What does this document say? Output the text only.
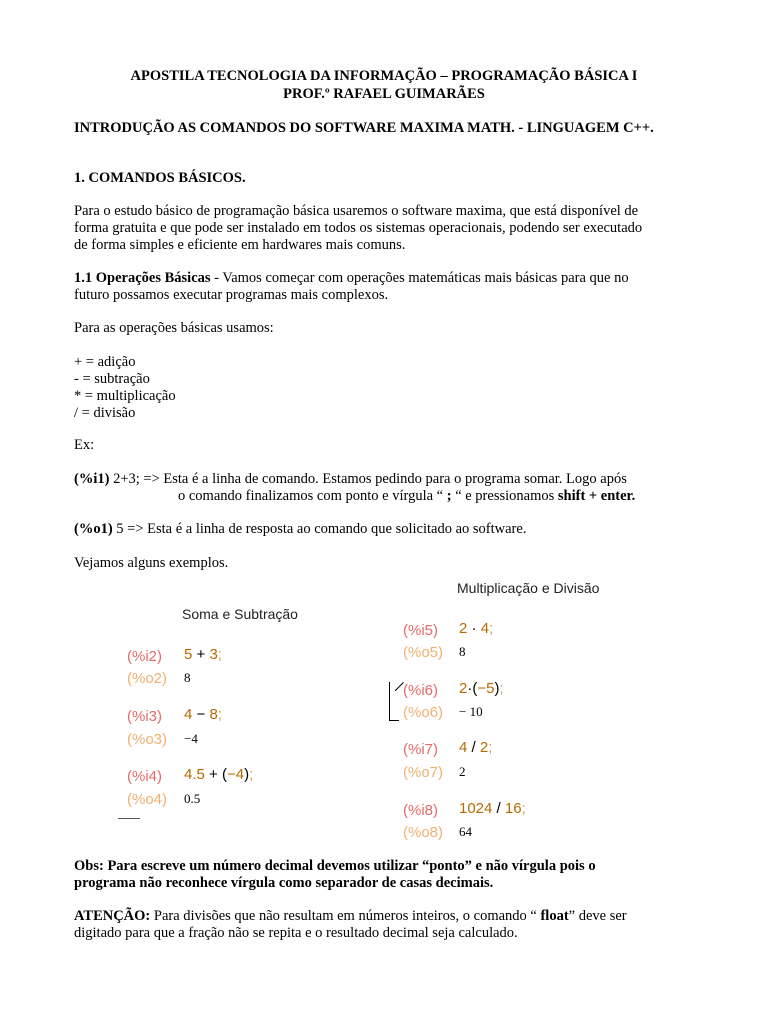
APOSTILA TECNOLOGIA DA INFORMAÇÃO – PROGRAMAÇÃO BÁSICA I
PROF.º RAFAEL GUIMARÃES
INTRODUÇÃO AS COMANDOS DO SOFTWARE MAXIMA MATH. - LINGUAGEM C++.
1. COMANDOS BÁSICOS.
Para o estudo básico de programação básica usaremos o software maxima, que está disponível de
forma gratuita e que pode ser instalado em todos os sistemas operacionais, podendo ser executado
de forma simples e eficiente em hardwares mais comuns.
1.1 Operações Básicas - Vamos começar com operações matemáticas mais básicas para que no
futuro possamos executar programas mais complexos.
Para as operações básicas usamos:
+ = adição
- = subtração
* = multiplicação
/ = divisão
Ex:
(%i1) 2+3; => Esta é a linha de comando. Estamos pedindo para o programa somar. Logo após
o comando finalizamos com ponto e vírgula “ ; “ e pressionamos shift + enter.
(%o1) 5 => Esta é a linha de resposta ao comando que solicitado ao software.
Vejamos alguns exemplos.
Soma e Subtração
(%i2) 5 + 3;
(%o2) 8
(%i3) 4 − 8;
(%o3) −4
(%i4) 4.5 + (−4);
(%o4) 0.5
Multiplicação e Divisão
(%i5) 2 · 4;
(%o5) 8
(%i6) 2·(−5);
(%o6) − 10
(%i7) 4 / 2;
(%o7) 2
(%i8) 1024 / 16;
(%o8) 64
Obs: Para escreve um número decimal devemos utilizar “ponto” e não vírgula pois o
programa não reconhece vírgula como separador de casas decimais.
ATENÇÃO: Para divisões que não resultam em números inteiros, o comando “ float” deve ser
digitado para que a fração não se repita e o resultado decimal seja calculado.
